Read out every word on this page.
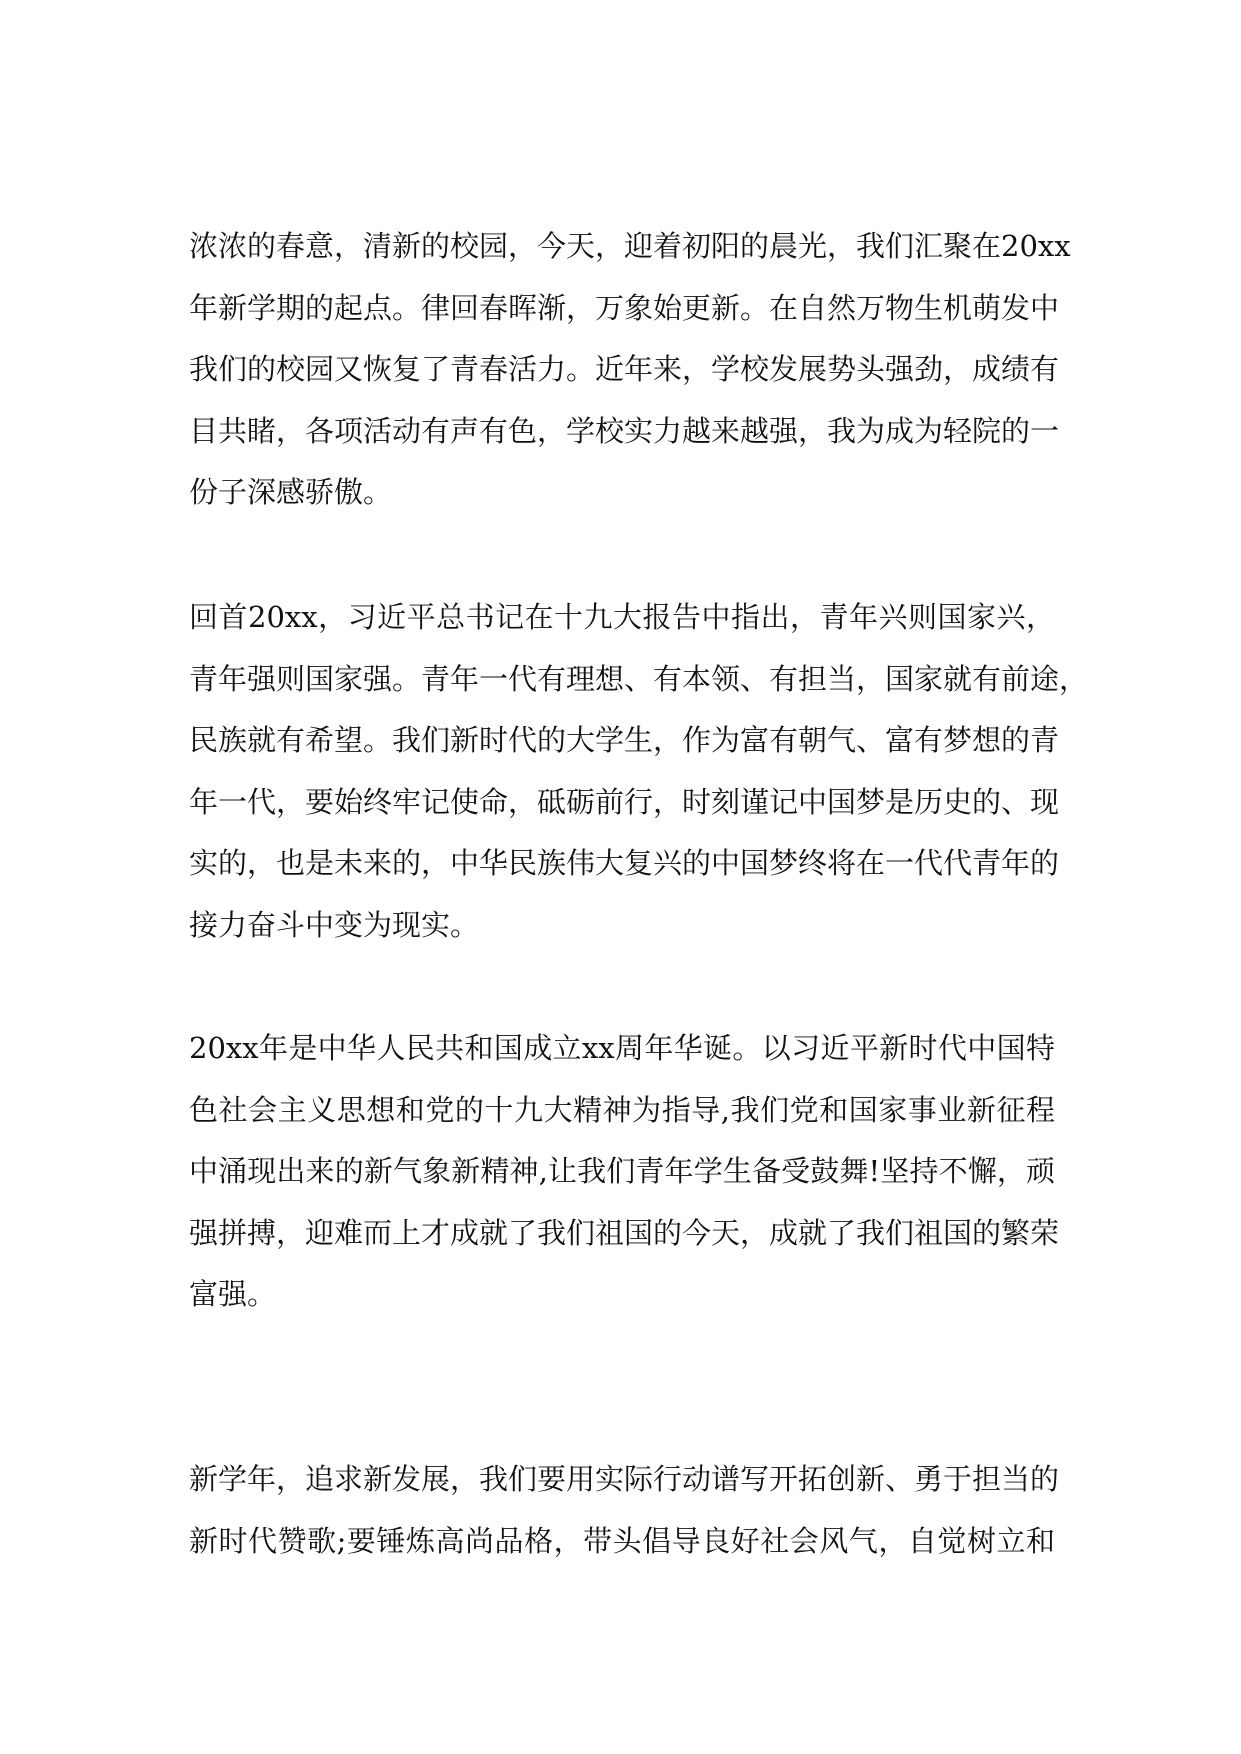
浓浓的春意，清新的校园，今天，迎着初阳的晨光，我们汇聚在20xx
年新学期的起点。律回春晖渐，万象始更新。在自然万物生机萌发中
我们的校园又恢复了青春活力。近年来，学校发展势头强劲，成绩有
目共睹，各项活动有声有色，学校实力越来越强，我为成为轻院的一
份子深感骄傲。
回首20xx，习近平总书记在十九大报告中指出，青年兴则国家兴，
青年强则国家强。青年一代有理想、有本领、有担当，国家就有前途，
民族就有希望。我们新时代的大学生，作为富有朝气、富有梦想的青
年一代，要始终牢记使命，砥砺前行，时刻谨记中国梦是历史的、现
实的，也是未来的，中华民族伟大复兴的中国梦终将在一代代青年的
接力奋斗中变为现实。
20xx年是中华人民共和国成立xx周年华诞。以习近平新时代中国特
色社会主义思想和党的十九大精神为指导,我们党和国家事业新征程
中涌现出来的新气象新精神,让我们青年学生备受鼓舞!坚持不懈，顽
强拼搏，迎难而上才成就了我们祖国的今天，成就了我们祖国的繁荣
富强。
新学年，追求新发展，我们要用实际行动谱写开拓创新、勇于担当的
新时代赞歌;要锤炼高尚品格，带头倡导良好社会风气，自觉树立和
